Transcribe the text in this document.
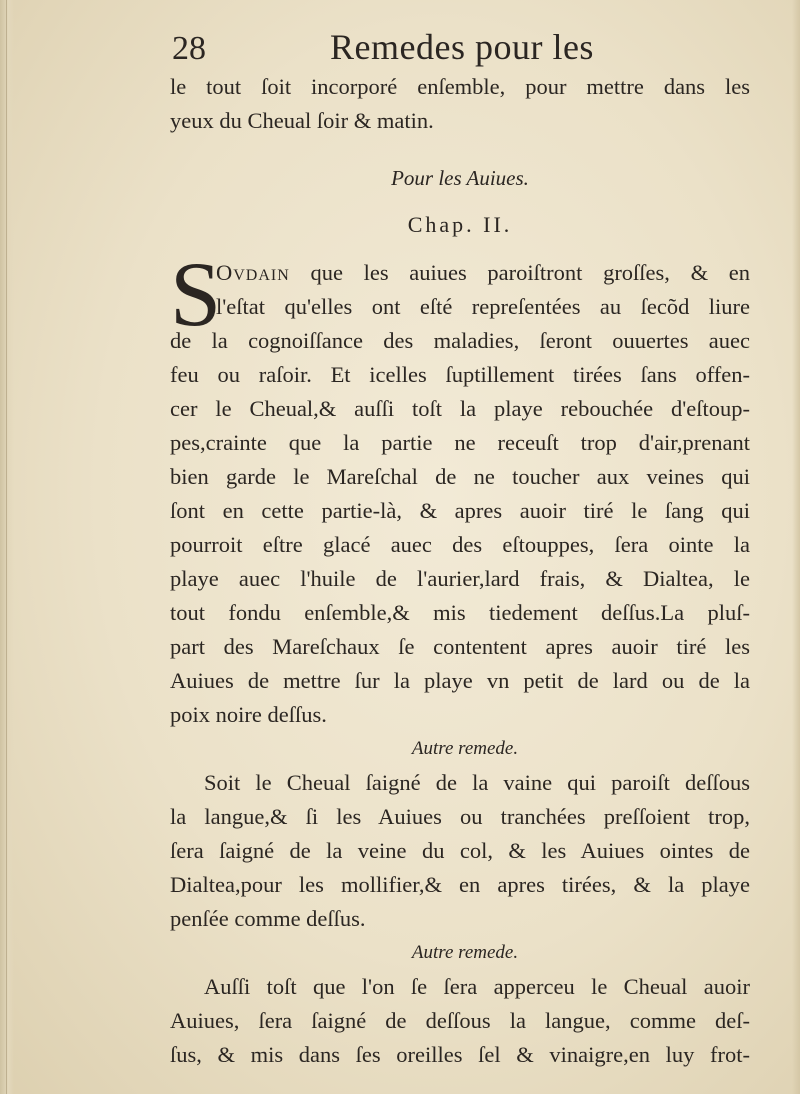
28	Remedes pour les
le tout ſoit incorporé enſemble, pour mettre dans les
yeux du Cheual ſoir & matin.
Pour les Auiues.
Chap. II.
S
Ovdain que les auiues paroiſtront groſſes, & en
l'eſtat qu'elles ont eſté repreſentées au ſecõd liure
de la cognoiſſance des maladies, ſeront ouuertes auec
feu ou raſoir. Et icelles ſuptillement tirées ſans offen-
cer le Cheual,& auſſi toſt la playe rebouchée d'eſtoup-
pes,crainte que la partie ne receuſt trop d'air,prenant
bien garde le Mareſchal de ne toucher aux veines qui
ſont en cette partie-là, & apres auoir tiré le ſang qui
pourroit eſtre glacé auec des eſtouppes, ſera ointe la
playe auec l'huile de l'aurier,lard frais, & Dialtea, le
tout fondu enſemble,& mis tiedement deſſus.La pluſ-
part des Mareſchaux ſe contentent apres auoir tiré les
Auiues de mettre ſur la playe vn petit de lard ou de la
poix noire deſſus.
Autre remede.
Soit le Cheual ſaigné de la vaine qui paroiſt deſſous
la langue,& ſi les Auiues ou tranchées preſſoient trop,
ſera ſaigné de la veine du col, & les Auiues ointes de
Dialtea,pour les mollifier,& en apres tirées, & la playe
penſée comme deſſus.
Autre remede.
Auſſi toſt que l'on ſe ſera apperceu le Cheual auoir
Auiues, ſera ſaigné de deſſous la langue, comme deſ-
ſus, & mis dans ſes oreilles ſel & vinaigre,en luy frot-
